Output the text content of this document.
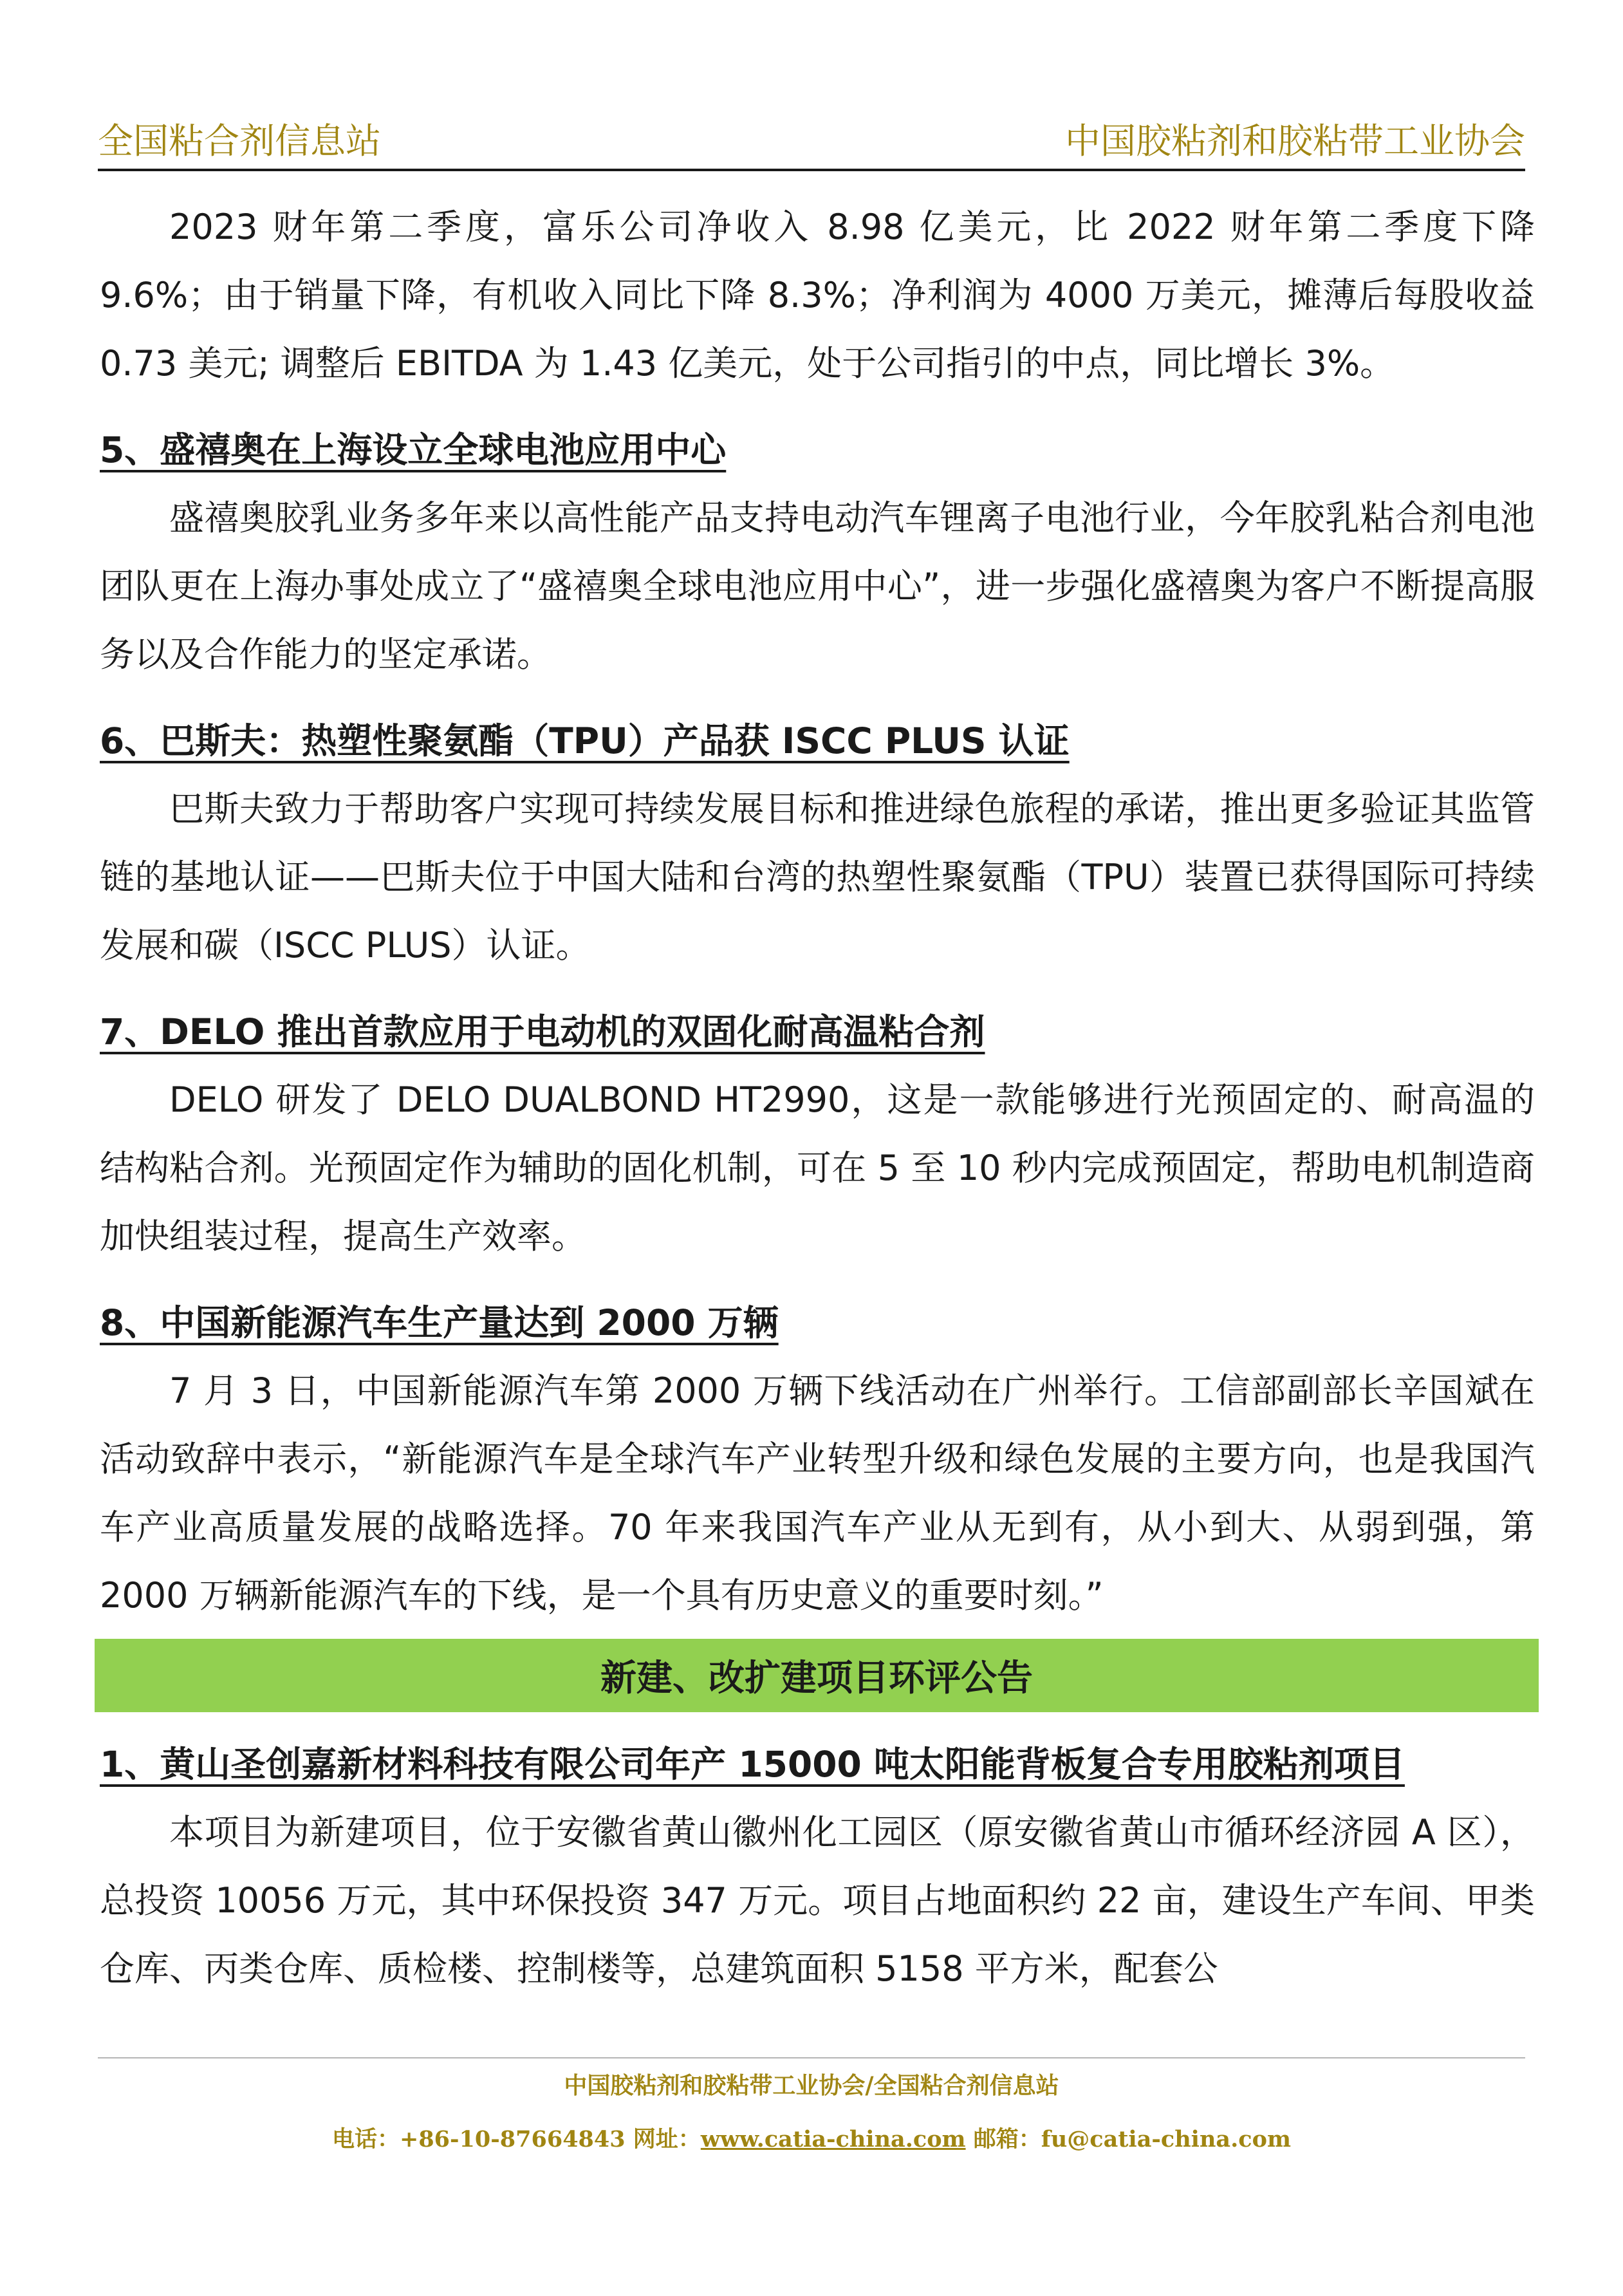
全国粘合剂信息站	中国胶粘剂和胶粘带工业协会

2023 财年第二季度，富乐公司净收入 8.98 亿美元，比 2022 财年第二季度下降 9.6%；由于销量下降，有机收入同比下降 8.3%；净利润为 4000 万美元，摊薄后每股收益 0.73 美元; 调整后 EBITDA 为 1.43 亿美元，处于公司指引的中点，同比增长 3%。

5、盛禧奥在上海设立全球电池应用中心

盛禧奥胶乳业务多年来以高性能产品支持电动汽车锂离子电池行业，今年胶乳粘合剂电池团队更在上海办事处成立了“盛禧奥全球电池应用中心”，进一步强化盛禧奥为客户不断提高服务以及合作能力的坚定承诺。

6、巴斯夫：热塑性聚氨酯（TPU）产品获 ISCC PLUS 认证

巴斯夫致力于帮助客户实现可持续发展目标和推进绿色旅程的承诺，推出更多验证其监管链的基地认证——巴斯夫位于中国大陆和台湾的热塑性聚氨酯（TPU）装置已获得国际可持续发展和碳（ISCC PLUS）认证。

7、DELO 推出首款应用于电动机的双固化耐高温粘合剂

DELO 研发了 DELO DUALBOND HT2990，这是一款能够进行光预固定的、耐高温的结构粘合剂。光预固定作为辅助的固化机制，可在 5 至 10 秒内完成预固定，帮助电机制造商加快组装过程，提高生产效率。

8、中国新能源汽车生产量达到 2000 万辆

7 月 3 日，中国新能源汽车第 2000 万辆下线活动在广州举行。工信部副部长辛国斌在活动致辞中表示，“新能源汽车是全球汽车产业转型升级和绿色发展的主要方向，也是我国汽车产业高质量发展的战略选择。70 年来我国汽车产业从无到有，从小到大、从弱到强，第 2000 万辆新能源汽车的下线，是一个具有历史意义的重要时刻。”

新建、改扩建项目环评公告
1、黄山圣创嘉新材料科技有限公司年产 15000 吨太阳能背板复合专用胶粘剂项目

本项目为新建项目，位于安徽省黄山徽州化工园区（原安徽省黄山市循环经济园 A 区），总投资 10056 万元，其中环保投资 347 万元。项目占地面积约 22 亩，建设生产车间、甲类仓库、丙类仓库、质检楼、控制楼等，总建筑面积 5158 平方米，配套公

中国胶粘剂和胶粘带工业协会/全国粘合剂信息站
电话：+86-10-87664843 网址：www.catia-china.com 邮箱：fu@catia-china.com
